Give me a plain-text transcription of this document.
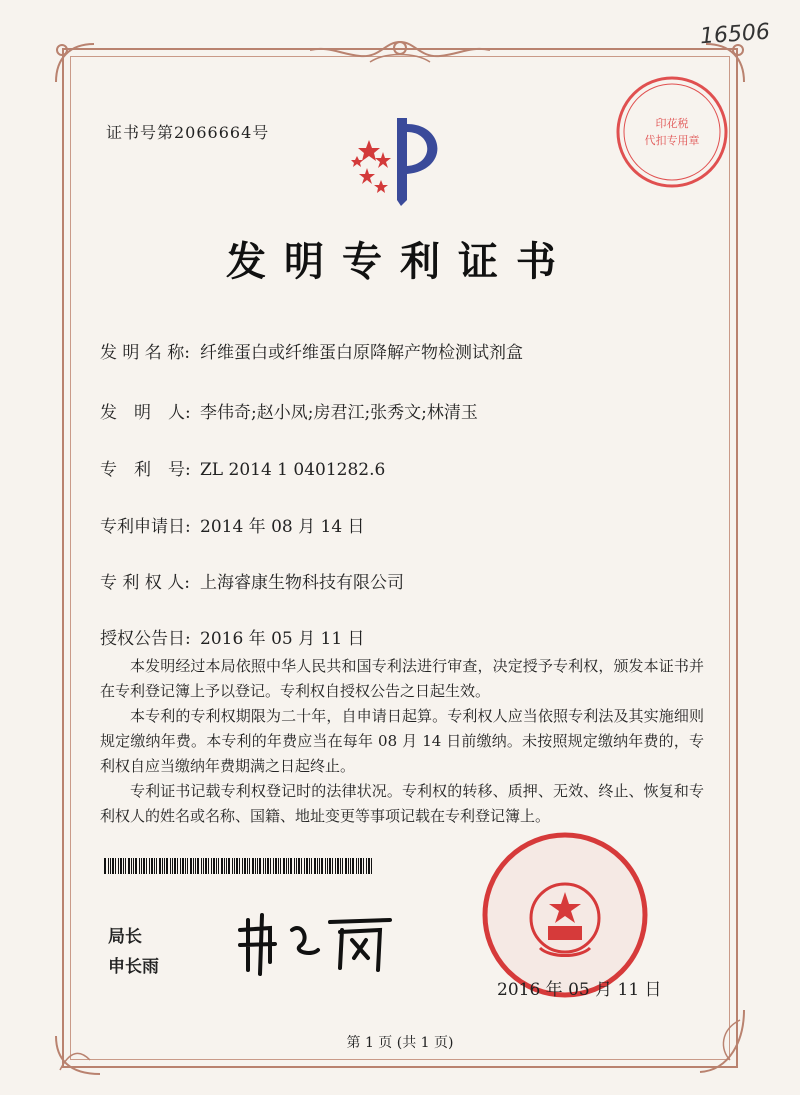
16506
证书号第2066664号	印花税
代扣专用章
发明专利证书
发 明 名 称: 纤维蛋白或纤维蛋白原降解产物检测试剂盒
发　明　人: 李伟奇;赵小凤;房君江;张秀文;林清玉
专　利　号: ZL 2014 1 0401282.6
专利申请日: 2014 年 08 月 14 日
专 利 权 人: 上海睿康生物科技有限公司
授权公告日: 2016 年 05 月 11 日

本发明经过本局依照中华人民共和国专利法进行审查，决定授予专利权，颁发本证书并在专利登记簿上予以登记。专利权自授权公告之日起生效。

本专利的专利权期限为二十年，自申请日起算。专利权人应当依照专利法及其实施细则规定缴纳年费。本专利的年费应当在每年 08 月 14 日前缴纳。未按照规定缴纳年费的，专利权自应当缴纳年费期满之日起终止。

专利证书记载专利权登记时的法律状况。专利权的转移、质押、无效、终止、恢复和专利权人的姓名或名称、国籍、地址变更等事项记载在专利登记簿上。

局长
申长雨
2016 年 05 月 11 日
第 1 页 (共 1 页)
